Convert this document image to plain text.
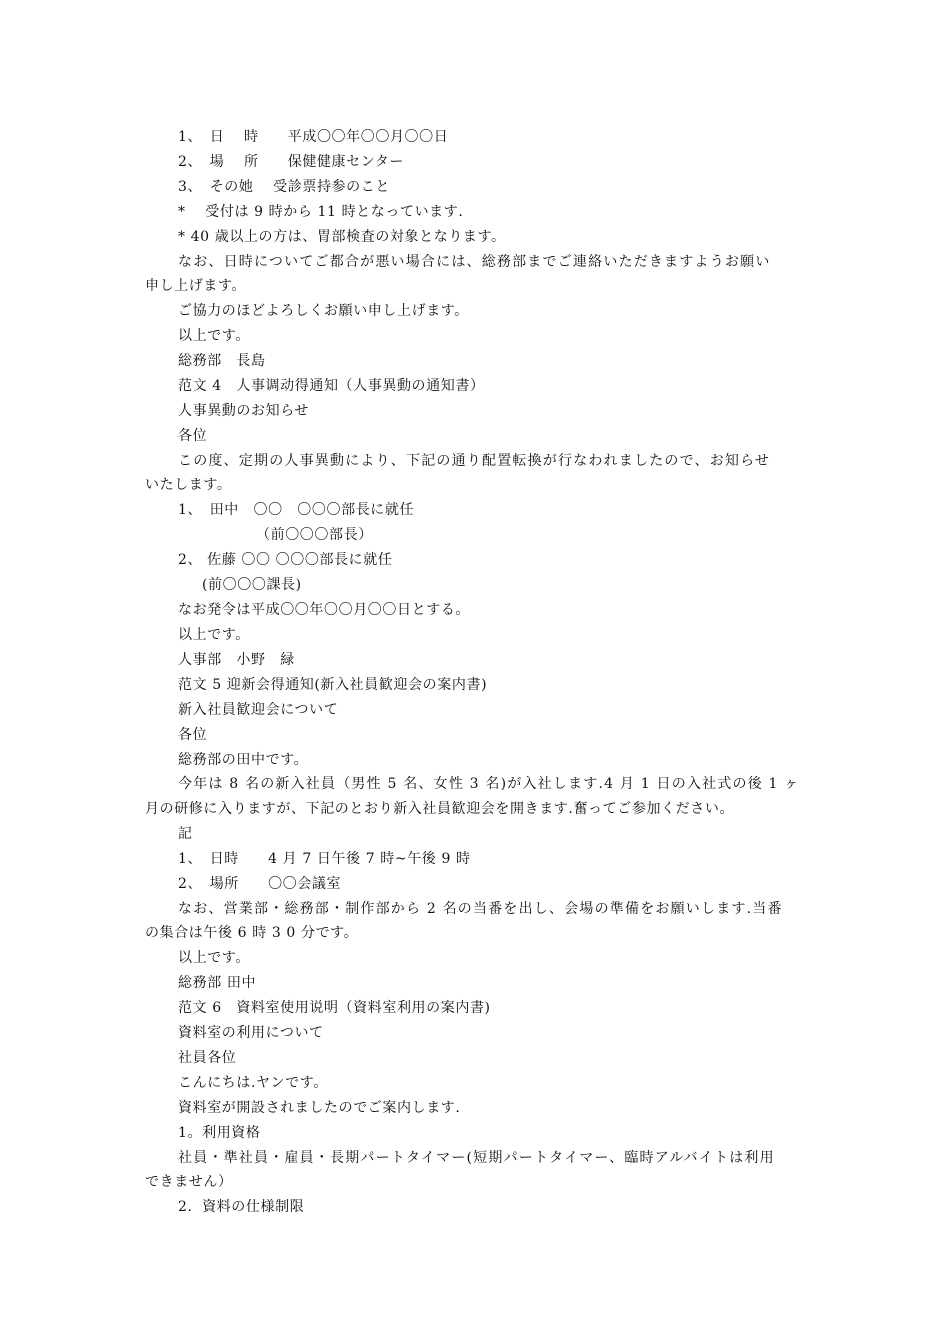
1、　日　 時　　平成〇〇年〇〇月〇〇日
2、　場　 所　　保健健康センター
3、　その她　 受診票持参のこと
*　 受付は 9 時から 11 時となっています.
* 40 歳以上の方は、胃部検査の対象となります。
なお、日時についてご都合が悪い場合には、総務部までご連絡いただきますようお願い
申し上げます。
ご協力のほどよろしくお願い申し上げます。
以上です。
総務部　長島
范文 4　人事调动得通知（人事異動の通知書）
人事異動のお知らせ
各位
この度、定期の人事異動により、下記の通り配置転換が行なわれましたので、お知らせ
いたします。
1、　田中　〇〇　〇〇〇部長に就任
（前〇〇〇部長）
2、 佐藤 〇〇 〇〇〇部長に就任
(前〇〇〇課長)
なお発令は平成〇〇年〇〇月〇〇日とする。
以上です。
人事部　小野　緑
范文 5 迎新会得通知(新入社員歓迎会の案内書)
新入社員歓迎会について
各位
総務部の田中です。
今年は 8 名の新入社員（男性 5 名、女性 3 名)が入社します.4 月 1 日の入社式の後 1 ヶ
月の研修に入りますが、下記のとおり新入社員歓迎会を開きます.奮ってご参加ください。
記
1、　日時　　4 月 7 日午後 7 時~午後 9 時
2、　場所　　〇〇会議室
なお、営業部・総務部・制作部から 2 名の当番を出し、会場の準備をお願いします.当番
の集合は午後 6 時 3 0 分です。
以上です。
総務部 田中
范文 6　資料室使用说明（資料室利用の案内書)
資料室の利用について
社員各位
こんにちは.ヤンです。
資料室が開設されましたのでご案内します.
1。利用資格
社員・準社員・雇員・長期パートタイマー(短期パートタイマー、臨時アルバイトは利用
できません）
2．資料の仕様制限
